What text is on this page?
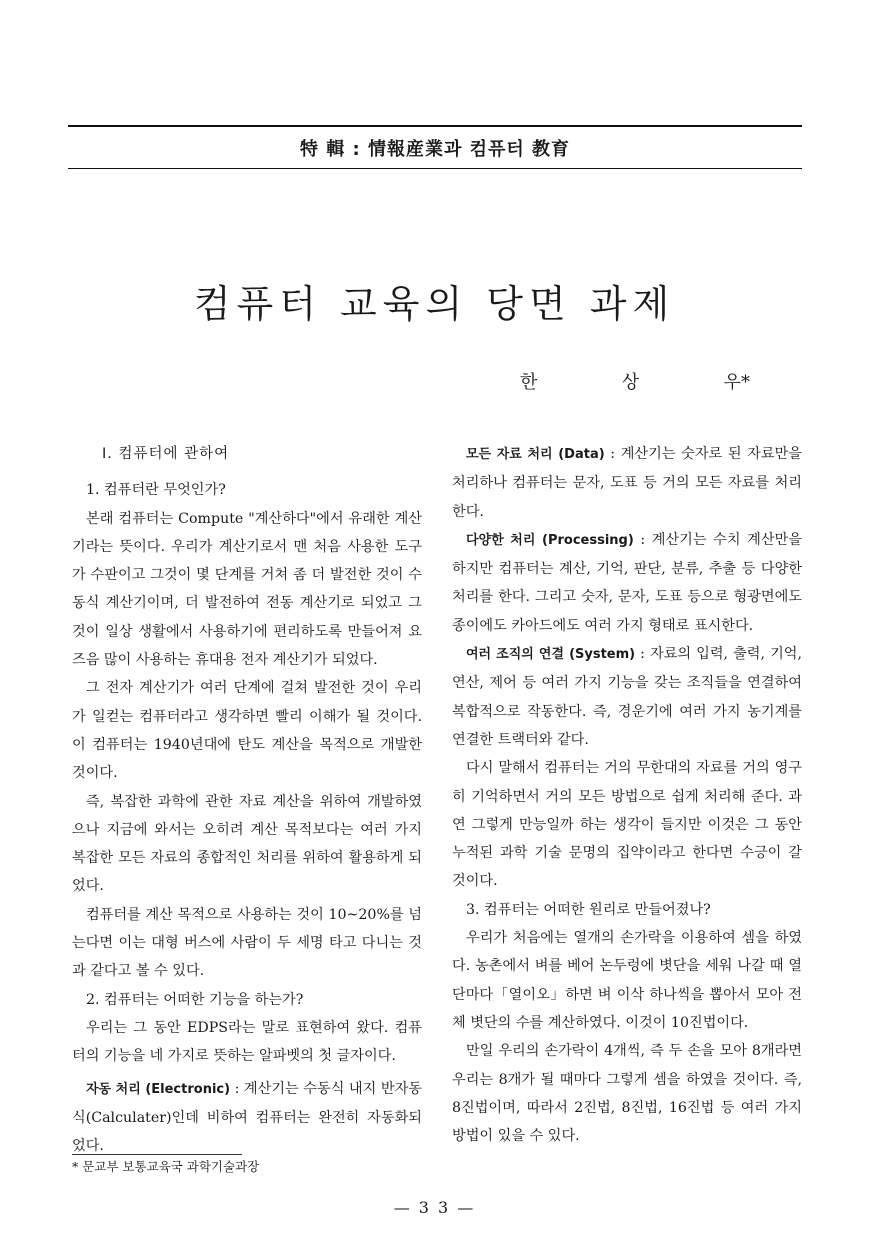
特 輯 : 情報産業과 컴퓨터 教育
컴퓨터 교육의 당면 과제
한	상	우*
I. 컴퓨터에 관하여

1. 컴퓨터란 무엇인가?

본래 컴퓨터는 Compute "계산하다"에서 유래한 계산기라는 뜻이다. 우리가 계산기로서 맨 처음 사용한 도구가 수판이고 그것이 몇 단계를 거쳐 좀 더 발전한 것이 수동식 계산기이며, 더 발전하여 전동 계산기로 되었고 그것이 일상 생활에서 사용하기에 편리하도록 만들어져 요즈음 많이 사용하는 휴대용 전자 계산기가 되었다.

그 전자 계산기가 여러 단계에 걸쳐 발전한 것이 우리가 일컫는 컴퓨터라고 생각하면 빨리 이해가 될 것이다. 이 컴퓨터는 1940년대에 탄도 계산을 목적으로 개발한 것이다.

즉, 복잡한 과학에 관한 자료 계산을 위하여 개발하였으나 지금에 와서는 오히려 계산 목적보다는 여러 가지 복잡한 모든 자료의 종합적인 처리를 위하여 활용하게 되었다.

컴퓨터를 계산 목적으로 사용하는 것이 10~20%를 넘는다면 이는 대형 버스에 사람이 두 세명 타고 다니는 것과 같다고 볼 수 있다.

2. 컴퓨터는 어떠한 기능을 하는가?

우리는 그 동안 EDPS라는 말로 표현하여 왔다. 컴퓨터의 기능을 네 가지로 뜻하는 알파벳의 첫 글자이다.

자동 처리 (Electronic) : 계산기는 수동식 내지 반자동식(Calculater)인데 비하여 컴퓨터는 완전히 자동화되었다.

모든 자료 처리 (Data) : 계산기는 숫자로 된 자료만을 처리하나 컴퓨터는 문자, 도표 등 거의 모든 자료를 처리한다.

다양한 처리 (Processing) : 계산기는 수치 계산만을 하지만 컴퓨터는 계산, 기억, 판단, 분류, 추출 등 다양한 처리를 한다. 그리고 숫자, 문자, 도표 등으로 형광면에도 종이에도 카아드에도 여러 가지 형태로 표시한다.

여러 조직의 연결 (System) : 자료의 입력, 출력, 기억, 연산, 제어 등 여러 가지 기능을 갖는 조직들을 연결하여 복합적으로 작동한다. 즉, 경운기에 여러 가지 농기계를 연결한 트랙터와 같다.

다시 말해서 컴퓨터는 거의 무한대의 자료를 거의 영구히 기억하면서 거의 모든 방법으로 쉽게 처리해 준다. 과연 그렇게 만능일까 하는 생각이 들지만 이것은 그 동안 누적된 과학 기술 문명의 집약이라고 한다면 수긍이 갈 것이다.

3. 컴퓨터는 어떠한 원리로 만들어졌나?

우리가 처음에는 열개의 손가락을 이용하여 셈을 하였다. 농촌에서 벼를 베어 논두렁에 볏단을 세워 나갈 때 열 단마다「열이오」하면 벼 이삭 하나씩을 뽑아서 모아 전체 볏단의 수를 계산하였다. 이것이 10진법이다.

만일 우리의 손가락이 4개씩, 즉 두 손을 모아 8개라면 우리는 8개가 될 때마다 그렇게 셈을 하였을 것이다. 즉, 8진법이며, 따라서 2진법, 8진법, 16진법 등 여러 가지 방법이 있을 수 있다.

* 문교부 보통교육국 과학기술과장
— 3 3 —
